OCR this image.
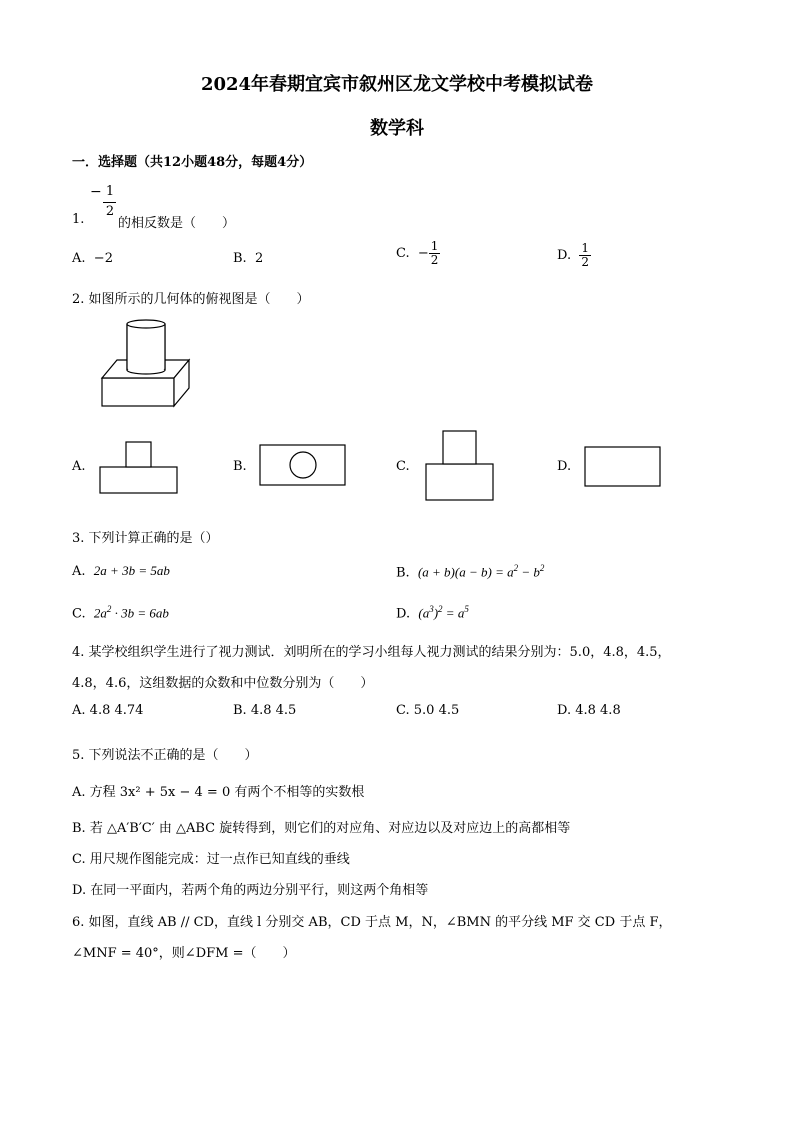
2024年春期宜宾市叙州区龙文学校中考模拟试卷
数学科
一．选择题（共12小题48分，每题4分）
1.
− 1
2
的相反数是（　　）
A. −2	B. 2	C. − $\frac{1}{2}$	D. $\frac{1}{2}$
2. 如图所示的几何体的俯视图是（　　）
A.	B.	C.	D.
3. 下列计算正确的是（）
A. 2a + 3b = 5ab	B. $(a + b)(a - b) = a^2 - b^2$
C. $2a^2 \cdot 3b = 6ab$	D. $(a^3)^2 = a^5$
4. 某学校组织学生进行了视力测试．刘明所在的学习小组每人视力测试的结果分别为：5.0，4.8，4.5，
4.8，4.6，这组数据的众数和中位数分别为（　　）
A. 4.8 4.74	B. 4.8 4.5	C. 5.0 4.5	D. 4.8 4.8
5. 下列说法不正确的是（　　）
A. 方程 3x² + 5x − 4 = 0 有两个不相等的实数根
B. 若 △A′B′C′ 由 △ABC 旋转得到，则它们的对应角、对应边以及对应边上的高都相等
C. 用尺规作图能完成：过一点作已知直线的垂线
D. 在同一平面内，若两个角的两边分别平行，则这两个角相等
6. 如图，直线 AB // CD，直线 l 分别交 AB，CD 于点 M，N，∠BMN 的平分线 MF 交 CD 于点 F，
∠MNF = 40°，则∠DFM =（　　）
